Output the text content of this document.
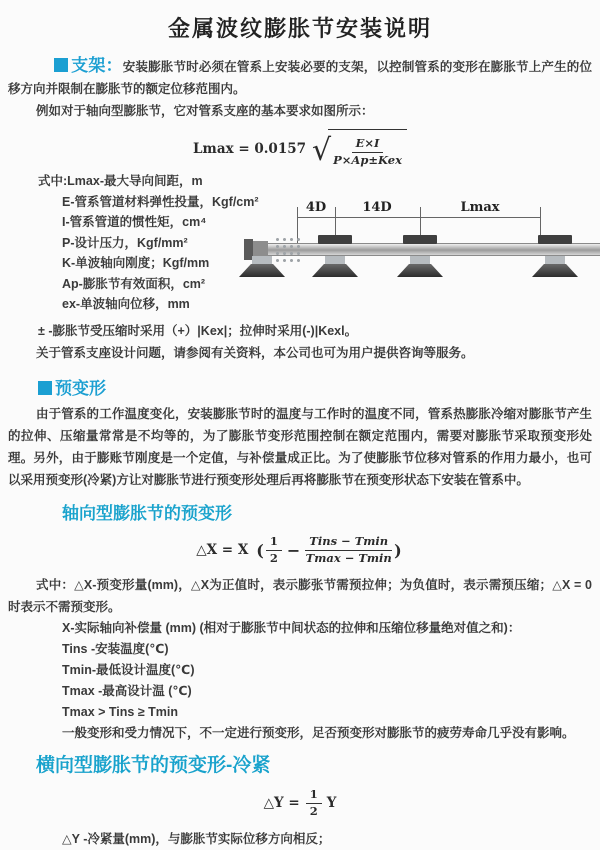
金属波纹膨胀节安装说明

支架：安装膨胀节时必须在管系上安装必要的支架，以控制管系的变形在膨胀节上产生的位移方向并限制在膨胀节的额定位移范围内。

例如对于轴向型膨胀节，它对管系支座的基本要求如图所示：

Lmax = 0.0157 √ $\frac{E\times I}{\text{P×Ap±Kex}}$
式中:Lmax-最大导向间距，m
E-管系管道材料弹性投量，Kgf/cm²
I-管系管道的惯性矩，cm⁴
P-设计压力，Kgf/mm²
K-单波轴向刚度；Kgf/mm
Ap-膨胀节有效面积，cm²
ex-单波轴向位移，mm
4D	14D	Lmax

± -膨胀节受压缩时采用（+）|Kex|；拉伸时采用(-)|Kexl。

关于管系支座设计问题，请参阅有关资料，本公司也可为用户提供咨询等服务。

预变形

由于管系的工作温度变化，安装膨胀节时的温度与工作时的温度不同，管系热膨胀冷缩对膨胀节产生的拉伸、压缩量常常是不均等的，为了膨胀节变形范围控制在额定范围内，需要对膨胀节采取预变形处理。另外，由于膨账节刚度是一个定值，与补偿量成正比。为了使膨胀节位移对管系的作用力最小，也可以采用预变形(冷紧)方让对膨胀节进行预变形处理后再将膨胀节在预变形状态下安装在管系中。

轴向型膨胀节的预变形
△X = X ( $\frac{1}{2} - \frac{\text{Tins − Tmin}}{Tmax - Tmin}$ )

式中：△X-预变形量(mm)，△X为正值时，表示膨张节需预拉伸；为负值时，表示需预压缩；△X = 0时表示不需预变形。

X-实际轴向补偿量 (mm) (相对于膨胀节中间状态的拉伸和压缩位移量绝对值之和)：
Tins -安装温度(℃)
Tmin-最低设计温度(℃)
Tmax -最高设计温 (℃)
Tmax > Tins ≥ Tmin
一般变形和受力情况下，不一定进行预变形，足否预变形对膨胀节的疲劳寿命几乎没有影响。
横向型膨胀节的预变形-冷紧
△Y = $\frac{1}{2}$ Y
△Y -冷紧量(mm)，与膨胀节实际位移方向相反；
